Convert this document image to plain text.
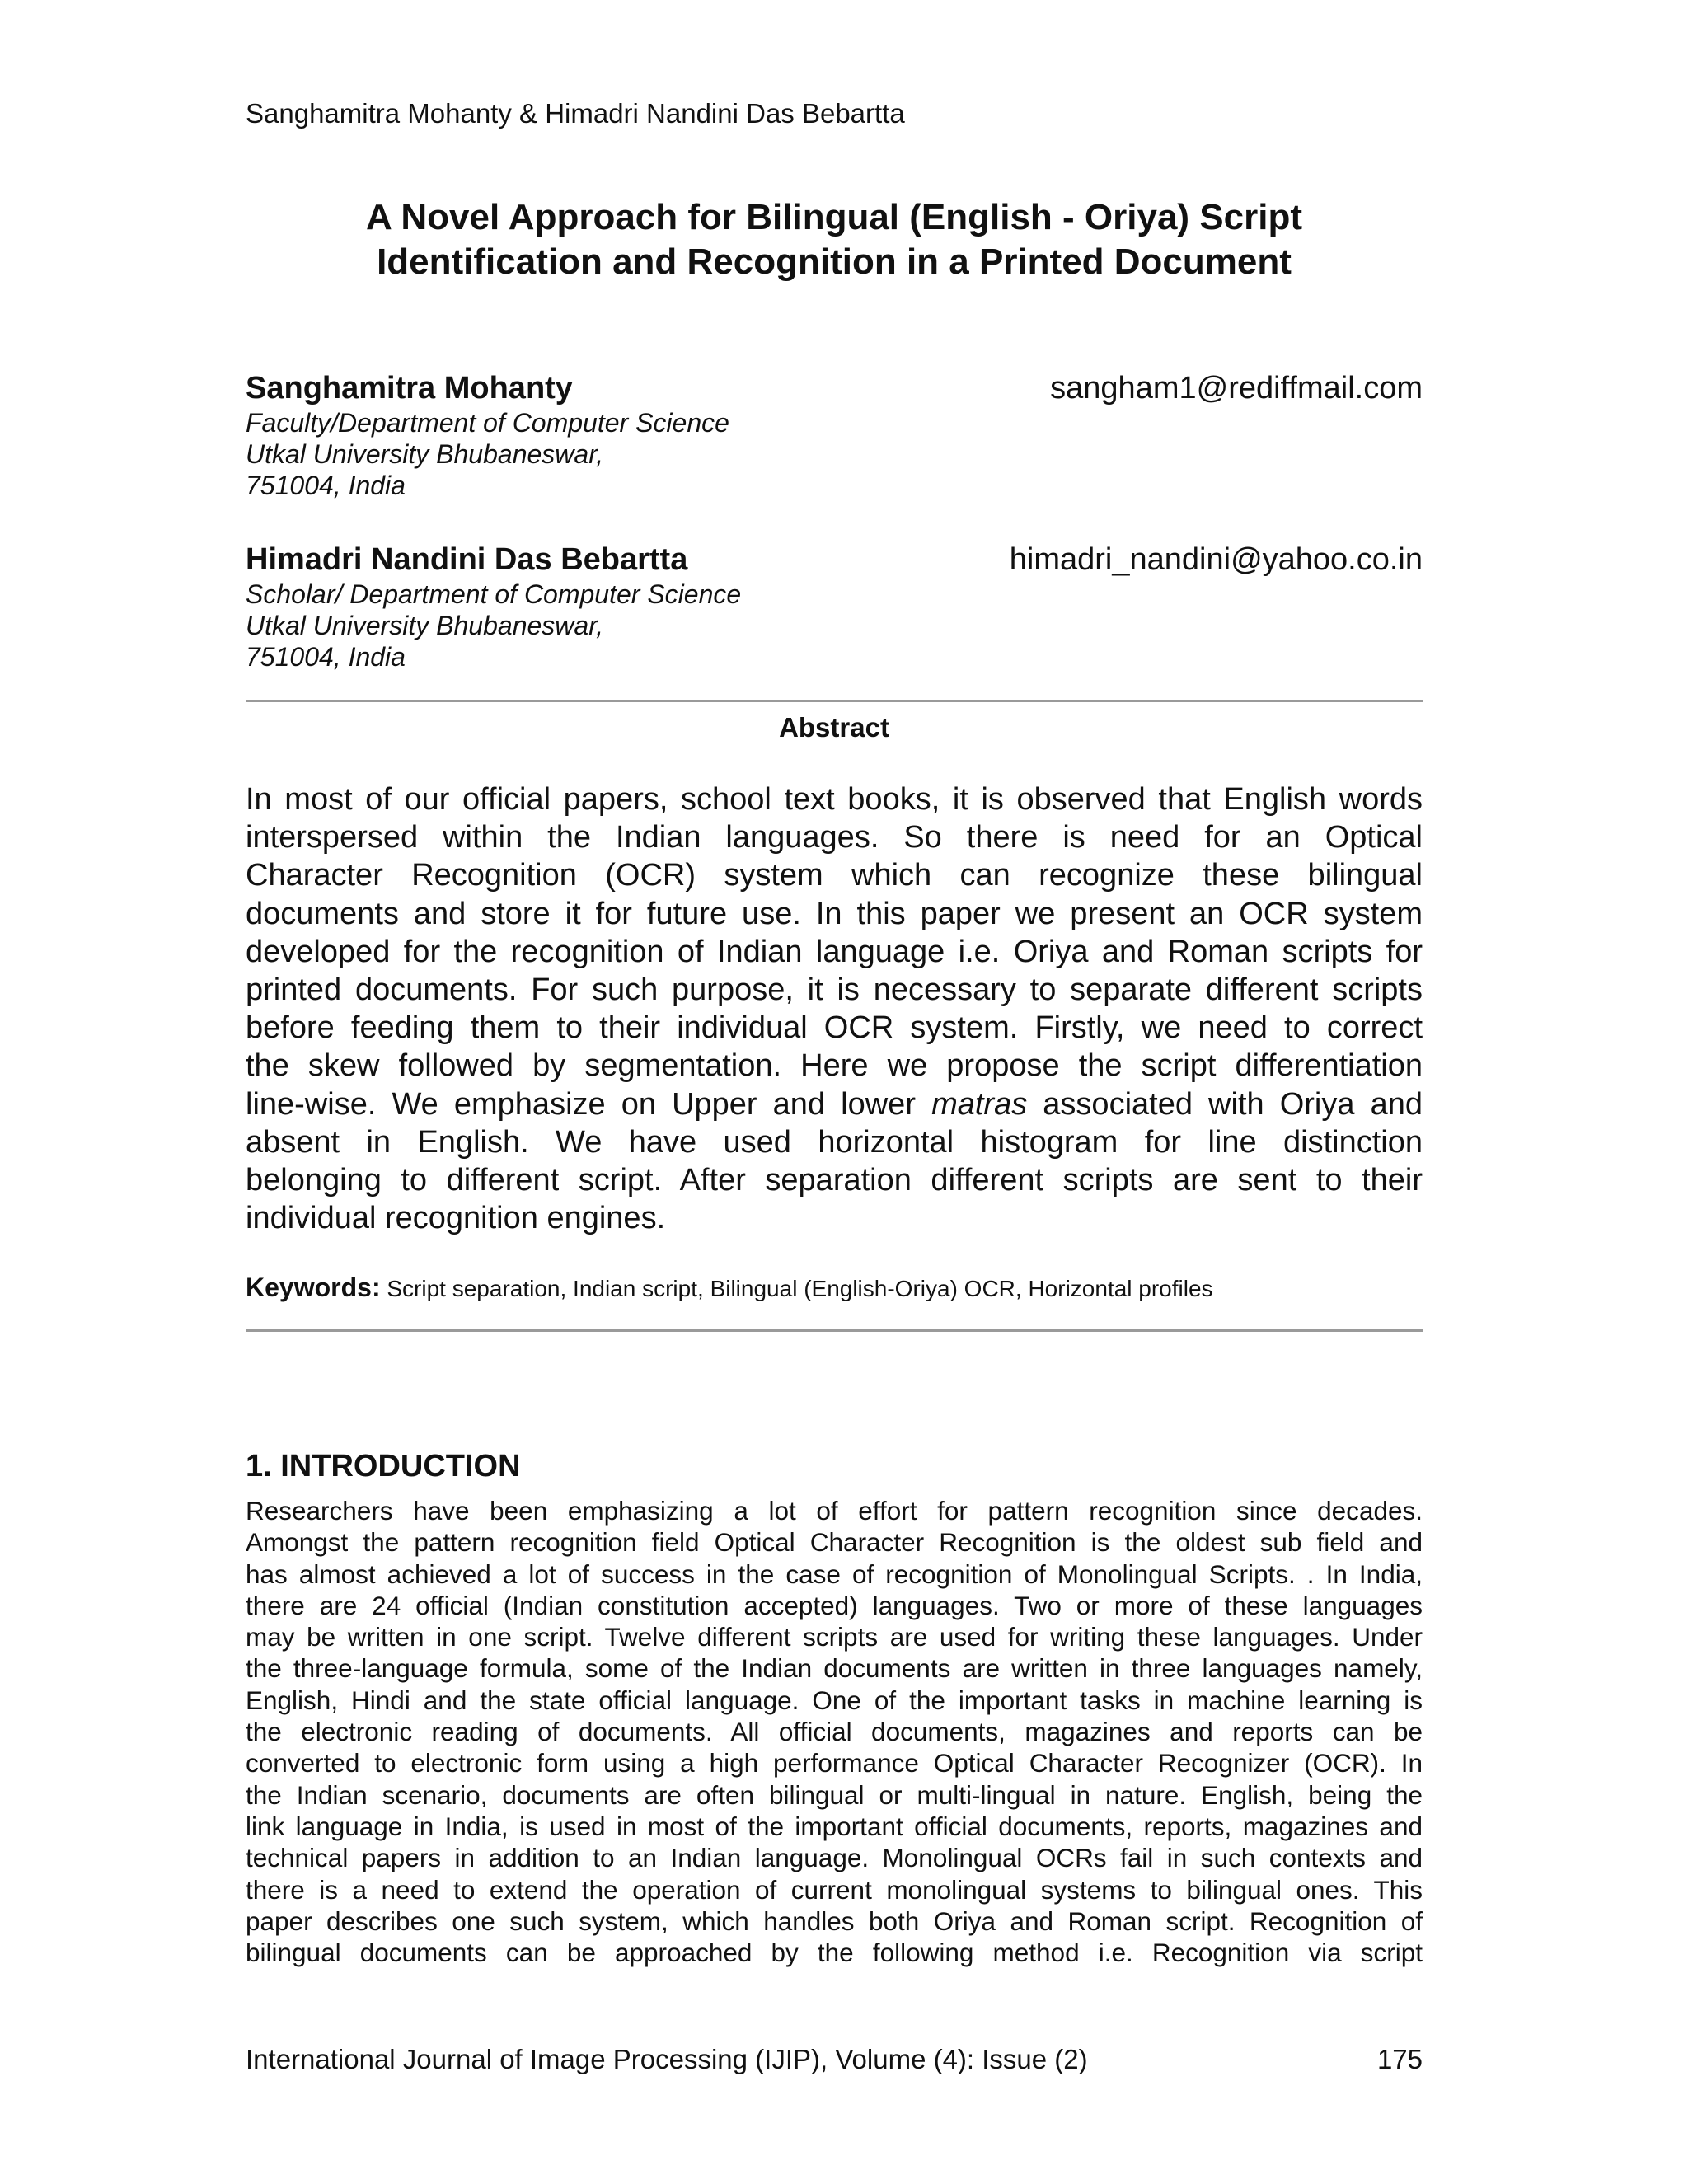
Sanghamitra Mohanty & Himadri Nandini Das Bebartta
A Novel Approach for Bilingual (English - Oriya) Script
Identification and Recognition in a Printed Document
Sanghamitra Mohanty	sangham1@rediffmail.com
Faculty/Department of Computer Science
Utkal University Bhubaneswar,
751004, India
Himadri Nandini Das Bebartta	himadri_nandini@yahoo.co.in
Scholar/ Department of Computer Science
Utkal University Bhubaneswar,
751004, India
Abstract
In most of our official papers, school text books, it is observed that English words
interspersed within the Indian languages. So there is need for an Optical
Character Recognition (OCR) system which can recognize these bilingual
documents and store it for future use. In this paper we present an OCR system
developed for the recognition of Indian language i.e. Oriya and Roman scripts for
printed documents. For such purpose, it is necessary to separate different scripts
before feeding them to their individual OCR system. Firstly, we need to correct
the skew followed by segmentation. Here we propose the script differentiation
line-wise. We emphasize on Upper and lower matras associated with Oriya and
absent in English. We have used horizontal histogram for line distinction
belonging to different script. After separation different scripts are sent to their
individual recognition engines.
Keywords: Script separation, Indian script, Bilingual (English-Oriya) OCR, Horizontal profiles
1. INTRODUCTION
Researchers have been emphasizing a lot of effort for pattern recognition since decades.
Amongst the pattern recognition field Optical Character Recognition is the oldest sub field and
has almost achieved a lot of success in the case of recognition of Monolingual Scripts. . In India,
there are 24 official (Indian constitution accepted) languages. Two or more of these languages
may be written in one script. Twelve different scripts are used for writing these languages. Under
the three-language formula, some of the Indian documents are written in three languages namely,
English, Hindi and the state official language. One of the important tasks in machine learning is
the electronic reading of documents. All official documents, magazines and reports can be
converted to electronic form using a high performance Optical Character Recognizer (OCR). In
the Indian scenario, documents are often bilingual or multi-lingual in nature. English, being the
link language in India, is used in most of the important official documents, reports, magazines and
technical papers in addition to an Indian language. Monolingual OCRs fail in such contexts and
there is a need to extend the operation of current monolingual systems to bilingual ones. This
paper describes one such system, which handles both Oriya and Roman script. Recognition of
bilingual documents can be approached by the following method i.e. Recognition via script
International Journal of Image Processing (IJIP), Volume (4): Issue (2)	175
